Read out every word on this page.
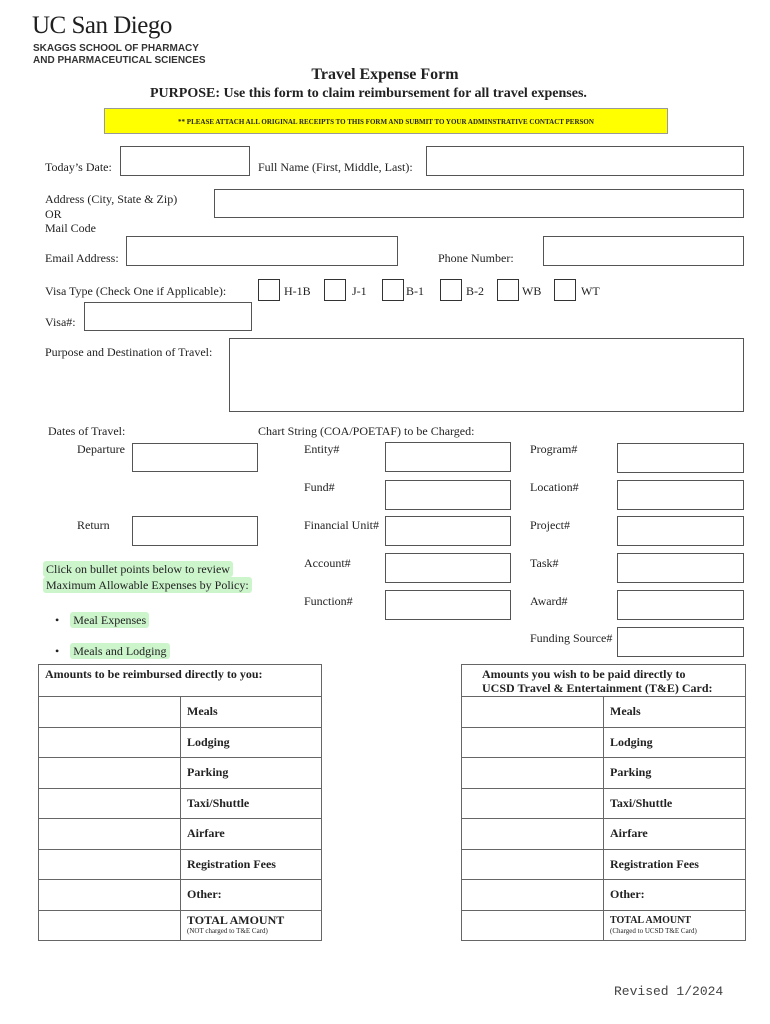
UC San Diego
SKAGGS SCHOOL OF PHARMACY
AND PHARMACEUTICAL SCIENCES
Travel Expense Form
PURPOSE: Use this form to claim reimbursement for all travel expenses.
** PLEASE ATTACH ALL ORIGINAL RECEIPTS TO THIS FORM AND SUBMIT TO YOUR ADMINSTRATIVE CONTACT PERSON
Today’s Date:	Full Name (First, Middle, Last):
Address (City, State & Zip)
OR
Mail Code
Email Address:	Phone Number:
Visa Type (Check One if Applicable):	H-1B	J-1	B-1	B-2	WB	WT
Visa#:
Purpose and Destination of Travel:
Dates of Travel:
Departure
Return
Chart String (COA/POETAF) to be Charged:
Entity#
Fund#
Financial Unit#
Account#
Function#
Program#
Location#
Project#
Task#
Award#
Funding Source#
Click on bullet points below to review
Maximum Allowable Expenses by Policy:
• Meal Expenses
• Meals and Lodging
Amounts to be reimbursed directly to you:	
	Meals
	Lodging
	Parking
	Taxi/Shuttle
	Airfare
	Registration Fees
	Other:

	TOTAL AMOUNT
(NOT charged to T&E Card)
Amounts you wish to be paid directly to
UCSD Travel & Entertainment (T&E) Card:	

	Meals
	Lodging
	Parking
	Taxi/Shuttle
	Airfare
	Registration Fees
	Other:

	TOTAL AMOUNT
(Charged to UCSD T&E Card)
Revised 1/2024
